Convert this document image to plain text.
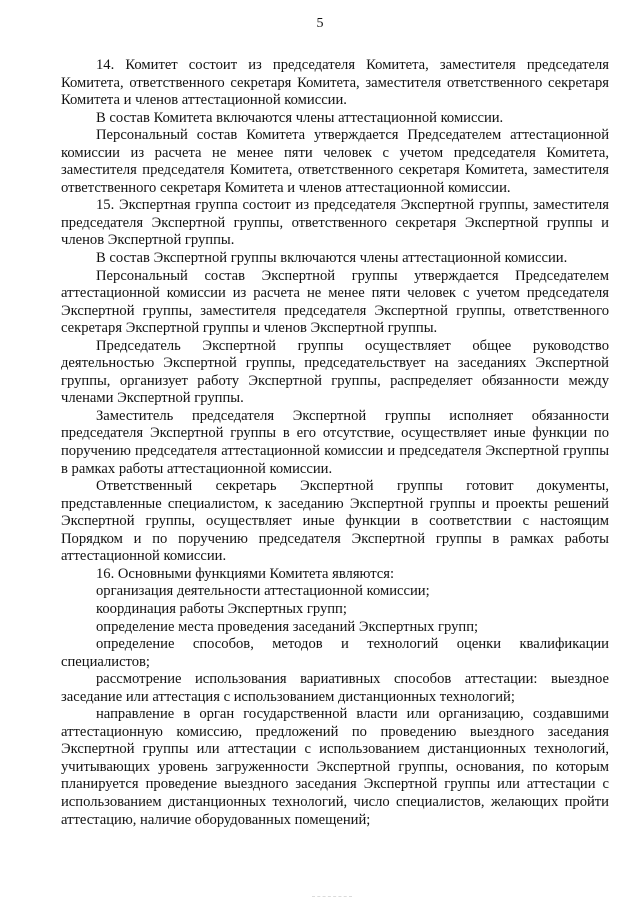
5

14. Комитет состоит из председателя Комитета, заместителя председателя Комитета, ответственного секретаря Комитета, заместителя ответственного секретаря Комитета и членов аттестационной комиссии.

В состав Комитета включаются члены аттестационной комиссии.

Персональный состав Комитета утверждается Председателем аттестационной комиссии из расчета не менее пяти человек с учетом председателя Комитета, заместителя председателя Комитета, ответственного секретаря Комитета, заместителя ответственного секретаря Комитета и членов аттестационной комиссии.

15. Экспертная группа состоит из председателя Экспертной группы, заместителя председателя Экспертной группы, ответственного секретаря Экспертной группы и членов Экспертной группы.

В состав Экспертной группы включаются члены аттестационной комиссии.

Персональный состав Экспертной группы утверждается Председателем аттестационной комиссии из расчета не менее пяти человек с учетом председателя Экспертной группы, заместителя председателя Экспертной группы, ответственного секретаря Экспертной группы и членов Экспертной группы.

Председатель Экспертной группы осуществляет общее руководство деятельностью Экспертной группы, председательствует на заседаниях Экспертной группы, организует работу Экспертной группы, распределяет обязанности между членами Экспертной группы.

Заместитель председателя Экспертной группы исполняет обязанности председателя Экспертной группы в его отсутствие, осуществляет иные функции по поручению председателя аттестационной комиссии и председателя Экспертной группы в рамках работы аттестационной комиссии.

Ответственный секретарь Экспертной группы готовит документы, представленные специалистом, к заседанию Экспертной группы и проекты решений Экспертной группы, осуществляет иные функции в соответствии с настоящим Порядком и по поручению председателя Экспертной группы в рамках работы аттестационной комиссии.

16. Основными функциями Комитета являются:

организация деятельности аттестационной комиссии;

координация работы Экспертных групп;

определение места проведения заседаний Экспертных групп;

определение способов, методов и технологий оценки квалификации специалистов;

рассмотрение использования вариативных способов аттестации: выездное заседание или аттестация с использованием дистанционных технологий;

направление в орган государственной власти или организацию, создавшими аттестационную комиссию, предложений по проведению выездного заседания Экспертной группы или аттестации с использованием дистанционных технологий, учитывающих уровень загруженности Экспертной группы, основания, по которым планируется проведение выездного заседания Экспертной группы или аттестации с использованием дистанционных технологий, число специалистов, желающих пройти аттестацию, наличие оборудованных помещений;
